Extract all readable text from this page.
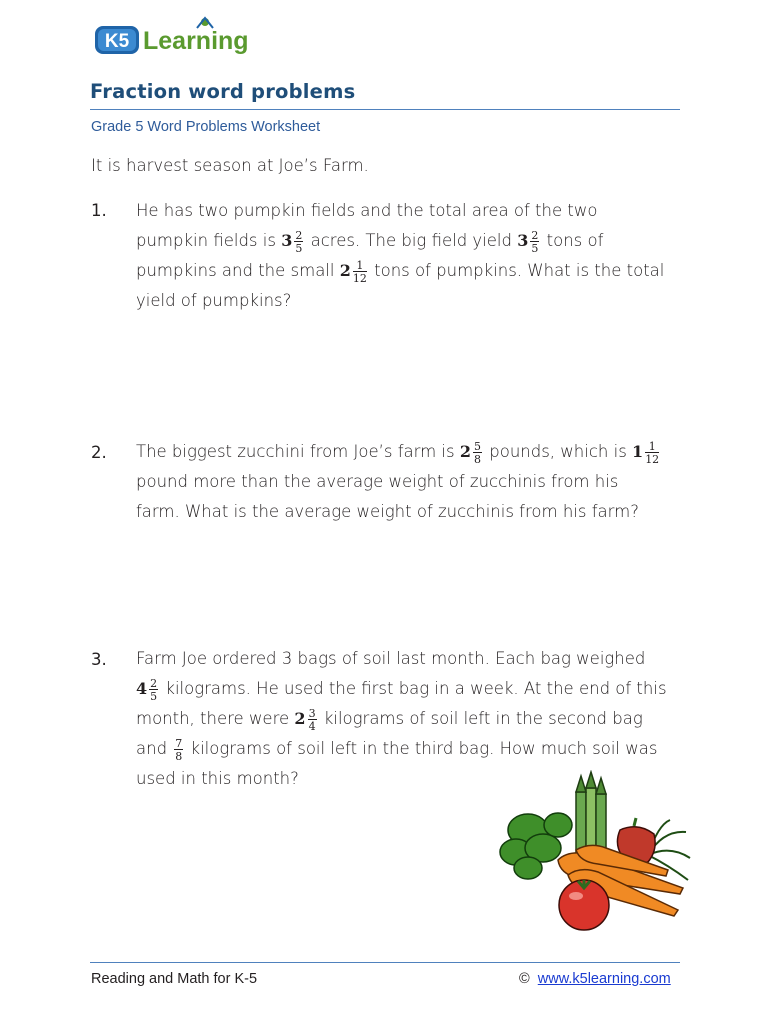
K5 Learning
Fraction word problems
Grade 5 Word Problems Worksheet
It is harvest season at Joe’s Farm.
1. He has two pumpkin fields and the total area of the two
pumpkin fields is $3 \frac{2}{5}$ acres. The big field yield $3 \frac{2}{5}$ tons of
pumpkins and the small $2 \frac{1}{12}$ tons of pumpkins. What is the total
yield of pumpkins?
2. The biggest zucchini from Joe’s farm is $2 \frac{5}{8}$ pounds, which is $1 \frac{1}{12}$
pound more than the average weight of zucchinis from his
farm. What is the average weight of zucchinis from his farm?
3. Farm Joe ordered 3 bags of soil last month. Each bag weighed
$4 \frac{2}{5}$ kilograms. He used the first bag in a week. At the end of this
month, there were $2 \frac{3}{4}$ kilograms of soil left in the second bag
and $\frac{7}{8}$ kilograms of soil left in the third bag. How much soil was
used in this month?
Reading and Math for K-5	© www.k5learning.com
